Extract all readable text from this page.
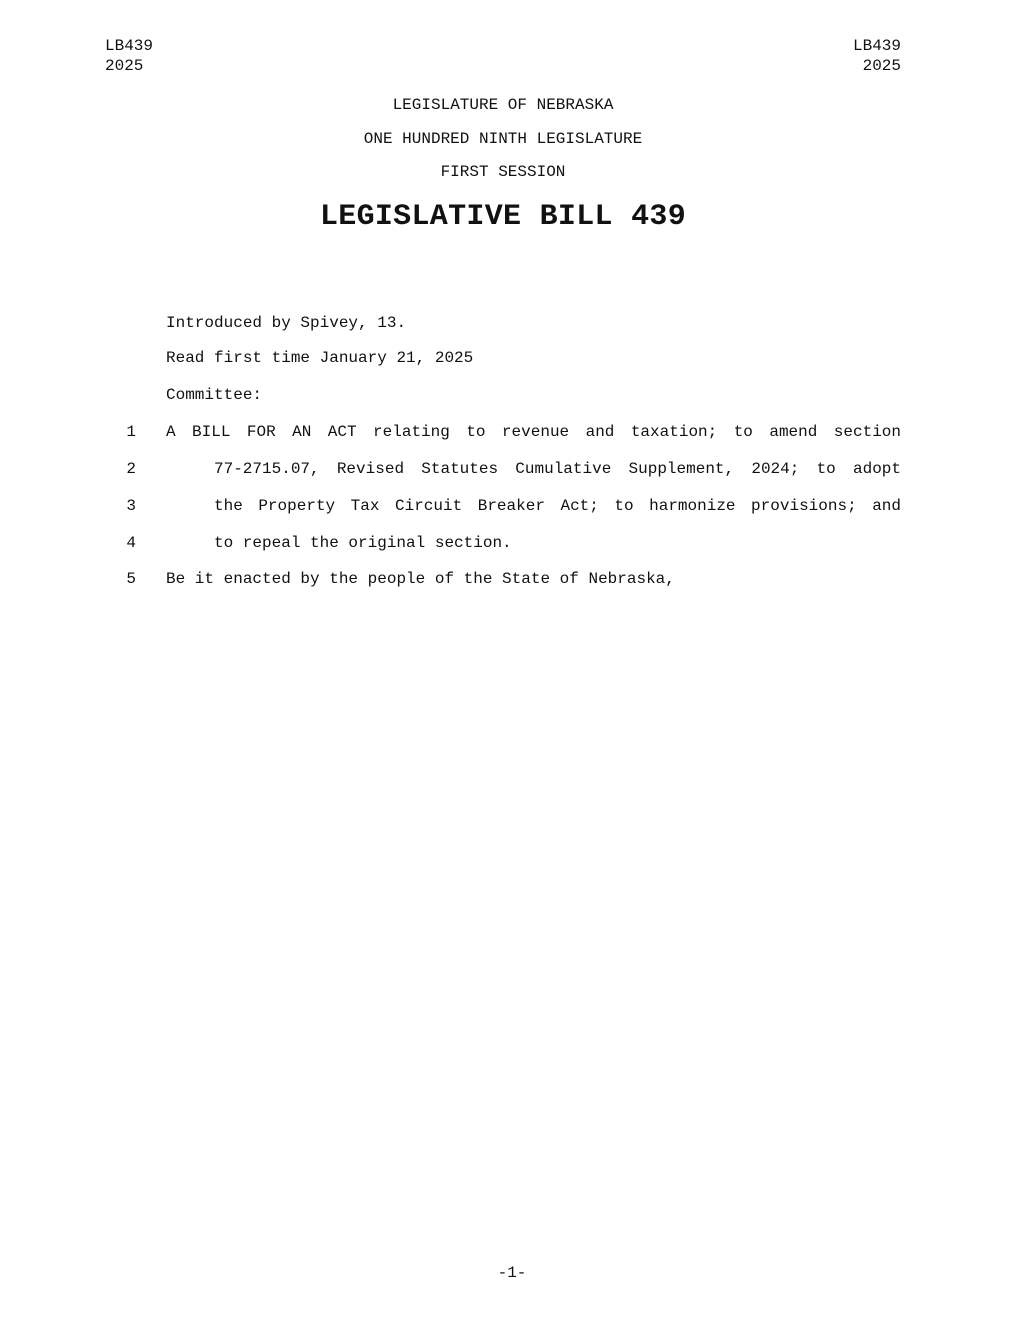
LB439
2025
LB439
2025
LEGISLATURE OF NEBRASKA
ONE HUNDRED NINTH LEGISLATURE
FIRST SESSION
LEGISLATIVE BILL 439
Introduced by Spivey, 13.
Read first time January 21, 2025
Committee:
1 A BILL FOR AN ACT relating to revenue and taxation; to amend section
2	77-2715.07, Revised Statutes Cumulative Supplement, 2024; to adopt
3	the Property Tax Circuit Breaker Act; to harmonize provisions; and
4	to repeal the original section.
5 Be it enacted by the people of the State of Nebraska,
-1-
